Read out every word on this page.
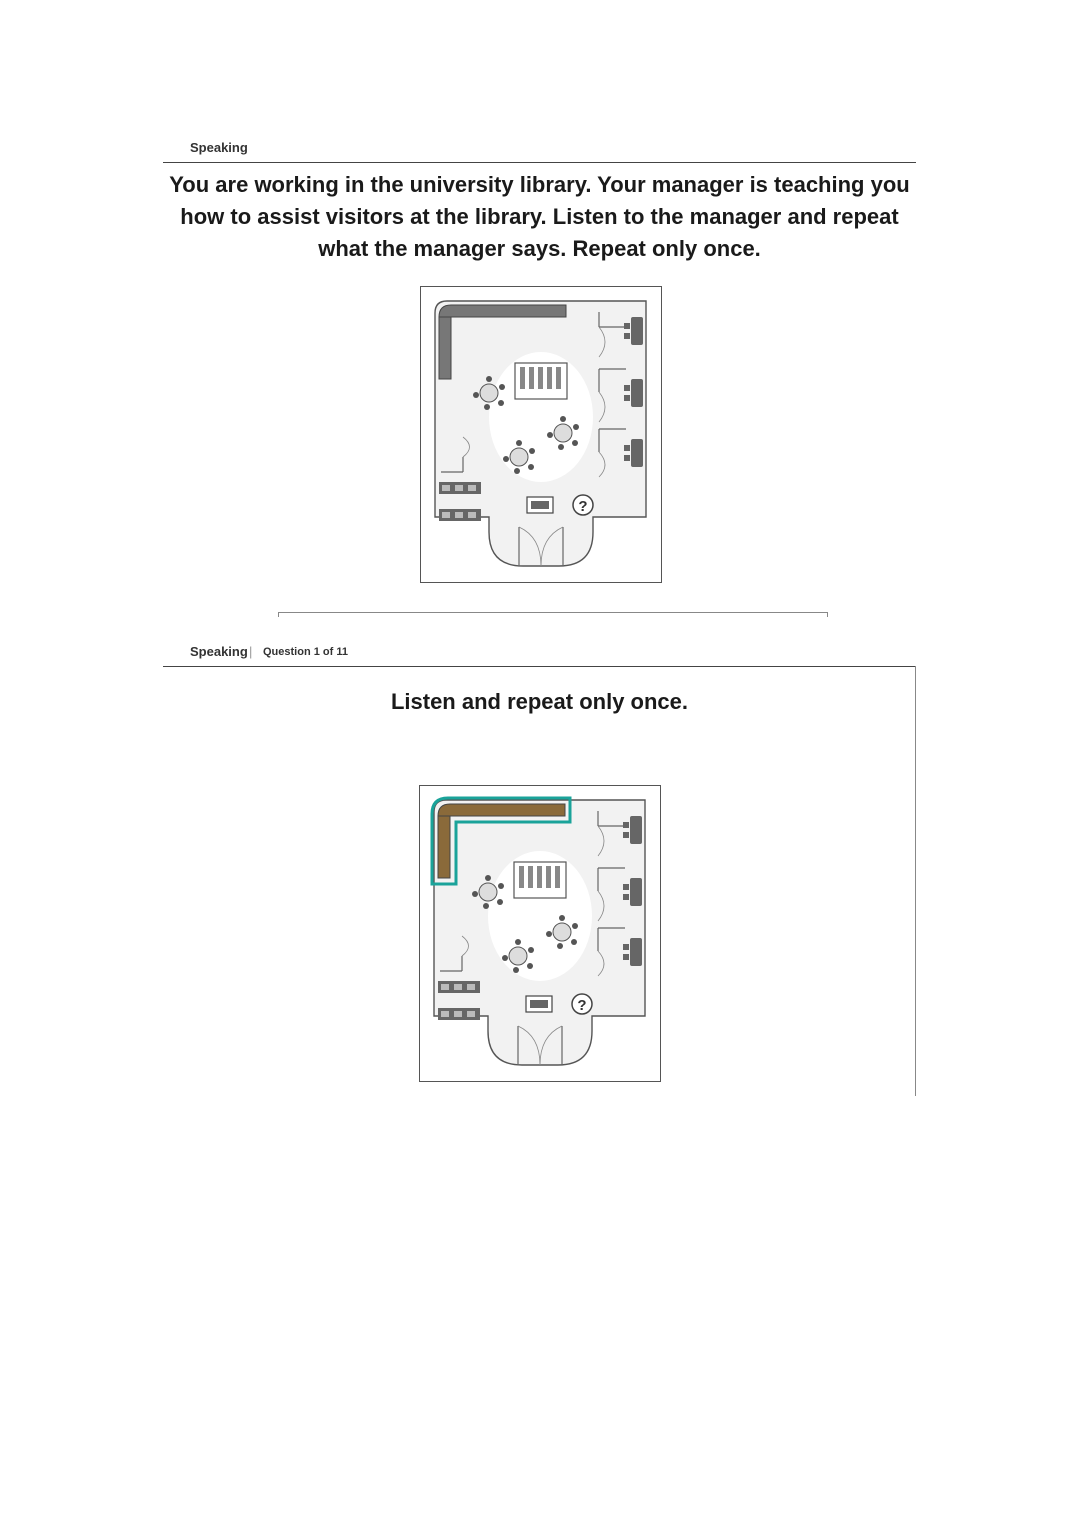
Speaking
You are working in the university library. Your manager is teaching you how to assist visitors at the library. Listen to the manager and repeat what the manager says. Repeat only once.
?
Speaking | Question 1 of 11
Listen and repeat only once.
?
